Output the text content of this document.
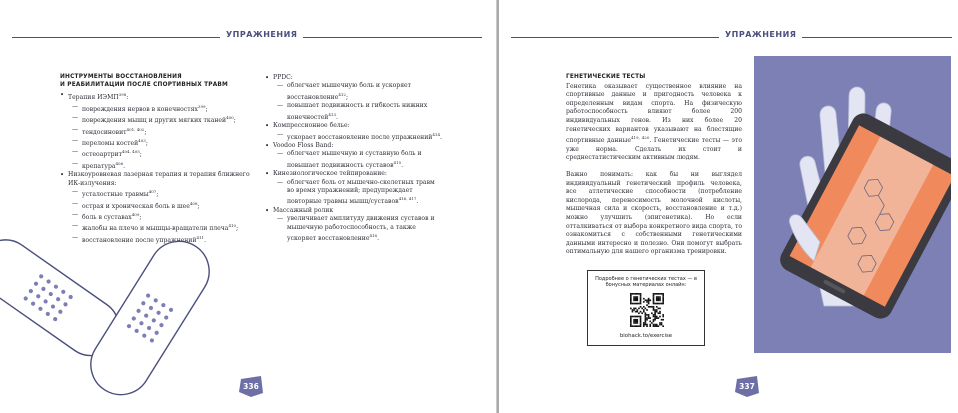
УПРАЖНЕНИЯ
ИНСТРУМЕНТЫ ВОССТАНОВЛЕНИЯ
И РЕАБИЛИТАЦИИ ПОСЛЕ СПОРТИВНЫХ ТРАВМ
• Терапия ИЭМП$^{398}$:
— повреждения нервов в конечностях$^{399}$;
— повреждения мышц и других мягких тканей$^{400}$;
— тендосиновит$^{401, 402}$;
— переломы костей$^{403}$;
— остеоартрит$^{404, 405}$;
— крепатура$^{406}$.
• Низкоуровневая лазерная терапия и терапия ближнего ИК-излучения:
— усталостные травмы$^{407}$;
— острая и хроническая боль в шее$^{408}$;
— боль в суставах$^{409}$;
— жалобы на плечо и мышцы-вращатели плеча$^{410}$;
— восстановление после упражнений$^{411}$.
• PPDC:
— облегчает мышечную боль и ускоряет восстановление$^{412}$;
— повышает подвижность и гибкость нижних конечностей$^{413}$.
• Компрессионное белье:
— ускорает восстановление после упражнений$^{414}$.
• Voodoo Floss Band:
— облегчает мышечную и суставную боль и повышает подвижность суставов$^{415}$.
• Кинезиологическое тейпирование:
— облегчает боль от мышечно-скелетных травм во время упражнений; предупреждает повторные травмы мышц/суставов$^{416, 417}$.
• Массажный ролик
— увеличивает амплитуду движения суставов и мышечную работоспособность, а также ускоряет восстановление$^{418}$.
336
УПРАЖНЕНИЯ
ГЕНЕТИЧЕСКИЕ ТЕСТЫ

Генетика оказывает существенное влияние на спортивные данные и пригодность человека к определенным видам спорта. На физическую работоспособность влияют более 200 индивидуальных генов. Из них более 20 генетических вариантов указывают на блестящие спортивные данные$^{419, 420}$. Генетические тесты — это уже норма. Сделать их стоит и среднестатистическим активным людям.

Важно понимать: как бы ни выглядел индивидуальный генетический профиль человека, все атлетические способности (потребление кислорода, переносимость молочной кислоты, мышечная сила и скорость, восстановление и т.д.) можно улучшить (эпигенетика). Но если отталкиваться от выбора конкретного вида спорта, то ознакомиться с собственными генетическими данными интересно и полезно. Они помогут выбрать оптимальную для нашего организма тренировки.

Подробнее о генетических тестах — в бонусных материалах онлайн:
biohack.to/exercise
337
